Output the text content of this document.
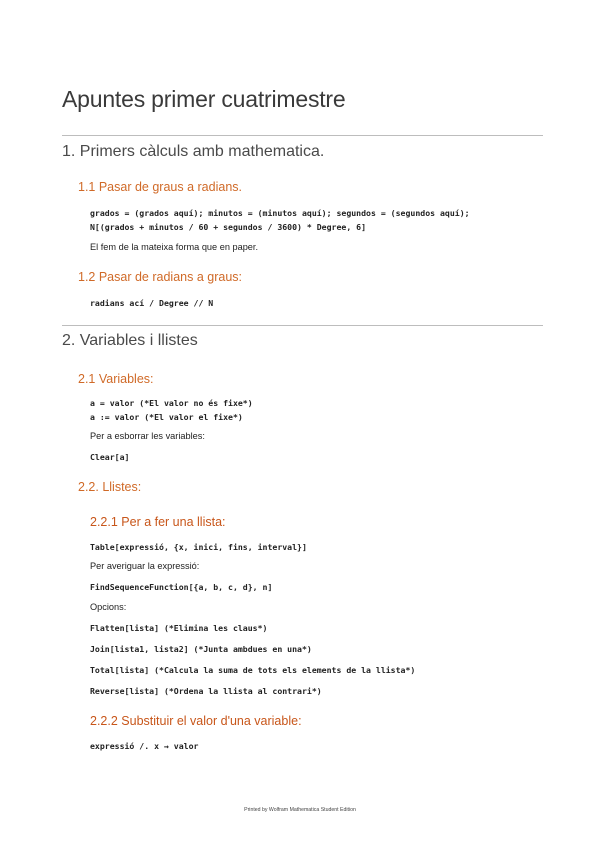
Apuntes primer cuatrimestre
1. Primers càlculs amb mathematica.
1.1 Pasar de graus a radians.
grados = (grados aquí); minutos = (minutos aquí); segundos = (segundos aquí);
N[(grados + minutos / 60 + segundos / 3600) * Degree, 6]
El fem de la mateixa forma que en paper.
1.2 Pasar de radians a graus:
radians ací / Degree // N
2. Variables i llistes
2.1 Variables:
a = valor (*El valor no és fixe*)
a := valor (*El valor el fixe*)
Per a esborrar les variables:
Clear[a]
2.2. Llistes:
2.2.1 Per a fer una llista:
Table[expressió, {x, inici, fins, interval}]
Per averiguar la expressió:
FindSequenceFunction[{a, b, c, d}, n]
Opcions:
Flatten[lista] (*Elimina les claus*)
Join[lista1, lista2] (*Junta ambdues en una*)
Total[lista] (*Calcula la suma de tots els elements de la llista*)
Reverse[lista] (*Ordena la llista al contrari*)
2.2.2 Substituir el valor d'una variable:
expressió /. x → valor
Printed by Wolfram Mathematica Student Edition
